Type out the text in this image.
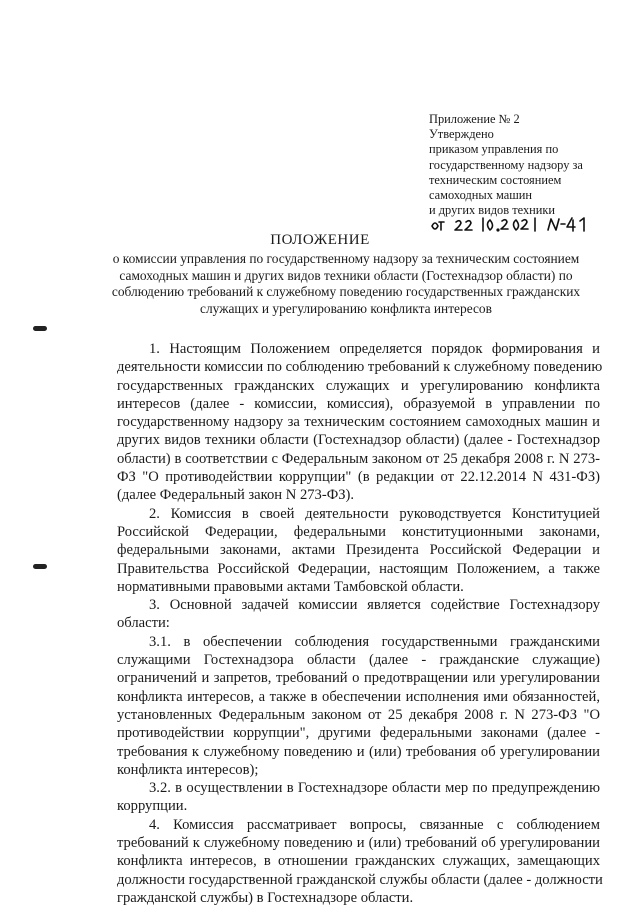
Приложение № 2
Утверждено
приказом управления по
государственному надзору за
техническим состоянием
самоходных машин
и других видов техники
ПОЛОЖЕНИЕ
о комиссии управления по государственному надзору за техническим состоянием
самоходных машин и других видов техники области (Гостехнадзор области) по
соблюдению требований к служебному поведению государственных гражданских
служащих и урегулированию конфликта интересов
1. Настоящим Положением определяется порядок формирования и
деятельности комиссии по соблюдению требований к служебному поведению
государственных гражданских служащих и урегулированию конфликта
интересов (далее - комиссии, комиссия), образуемой в управлении по
государственному надзору за техническим состоянием самоходных машин и
других видов техники области (Гостехнадзор области) (далее - Гостехнадзор
области) в соответствии с Федеральным законом от 25 декабря 2008 г. N 273-
ФЗ "О противодействии коррупции" (в редакции от 22.12.2014 N 431-ФЗ)
(далее Федеральный закон N 273-ФЗ).
2. Комиссия в своей деятельности руководствуется Конституцией
Российской Федерации, федеральными конституционными законами,
федеральными законами, актами Президента Российской Федерации и
Правительства Российской Федерации, настоящим Положением, а также
нормативными правовыми актами Тамбовской области.
3. Основной задачей комиссии является содействие Гостехнадзору
области:
3.1. в обеспечении соблюдения государственными гражданскими
служащими Гостехнадзора области (далее - гражданские служащие)
ограничений и запретов, требований о предотвращении или урегулировании
конфликта интересов, а также в обеспечении исполнения ими обязанностей,
установленных Федеральным законом от 25 декабря 2008 г. N 273-ФЗ "О
противодействии коррупции", другими федеральными законами (далее -
требования к служебному поведению и (или) требования об урегулировании
конфликта интересов);
3.2. в осуществлении в Гостехнадзоре области мер по предупреждению
коррупции.
4. Комиссия рассматривает вопросы, связанные с соблюдением
требований к служебному поведению и (или) требований об урегулировании
конфликта интересов, в отношении гражданских служащих, замещающих
должности государственной гражданской службы области (далее - должности
гражданской службы) в Гостехнадзоре области.
